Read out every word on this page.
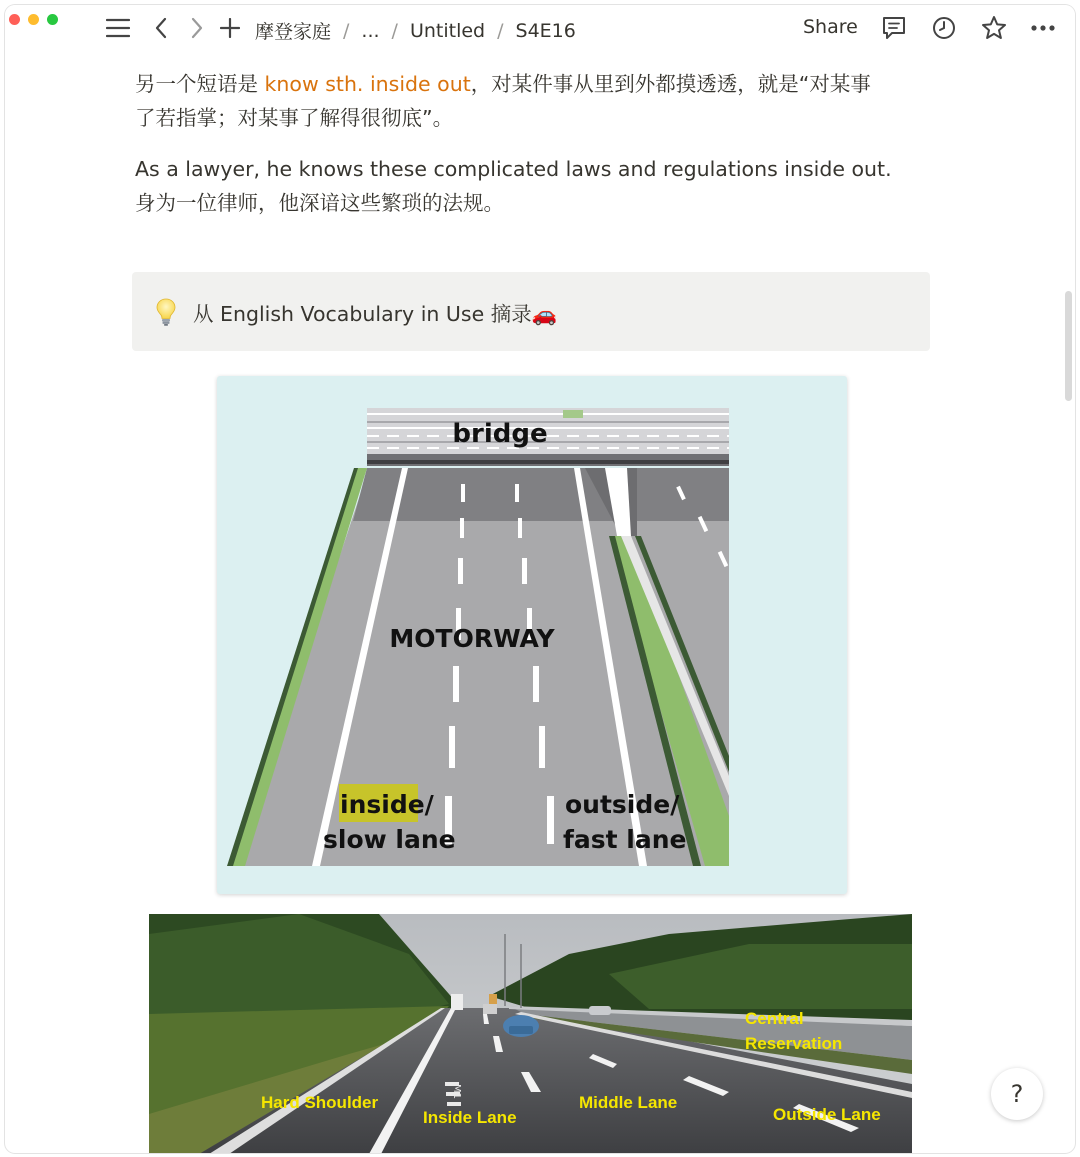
摩登家庭 / ... / Untitled / S4E16	Share
另一个短语是 know sth. inside out，对某件事从里到外都摸透透，就是“对某事
了若指掌；对某事了解得很彻底”。
As a lawyer, he knows these complicated laws and regulations inside out.
身为一位律师，他深谙这些繁琐的法规。
从 English Vocabulary in Use 摘录🚗
bridge
MOTORWAY
inside/
slow lane
outside/
fast lane
Central
Reservation
Hard Shoulder
Inside Lane
Middle Lane
Outside Lane
M1	?
